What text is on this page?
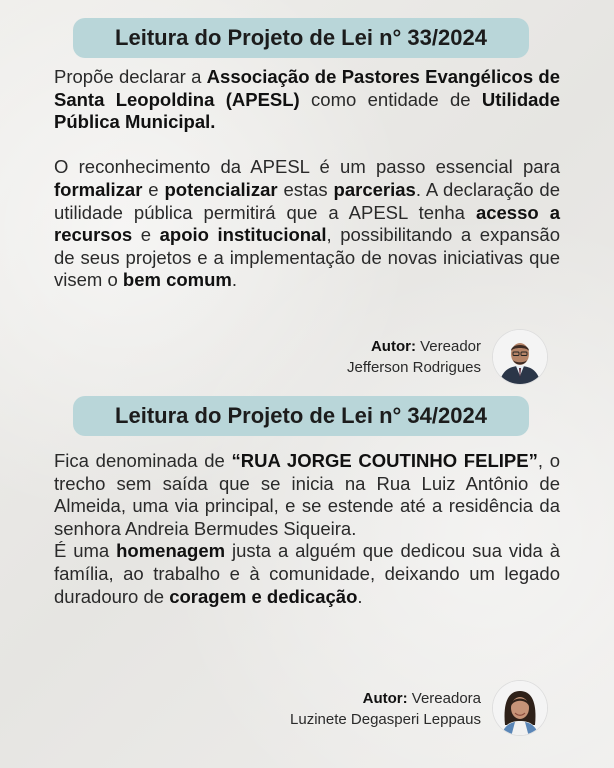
Leitura do Projeto de Lei n° 33/2024

Propõe declarar a Associação de Pastores Evangélicos de Santa Leopoldina (APESL) como entidade de Utilidade Pública Municipal.

O reconhecimento da APESL é um passo essencial para formalizar e potencializar estas parcerias. A declaração de utilidade pública permitirá que a APESL tenha acesso a recursos e apoio institucional, possibilitando a expansão de seus projetos e a implementação de novas iniciativas que visem o bem comum.

Autor: Vereador
Jefferson Rodrigues
Leitura do Projeto de Lei n° 34/2024

Fica denominada de “RUA JORGE COUTINHO FELIPE”, o trecho sem saída que se inicia na Rua Luiz Antônio de Almeida, uma via principal, e se estende até a residência da senhora Andreia Bermudes Siqueira.

É uma homenagem justa a alguém que dedicou sua vida à família, ao trabalho e à comunidade, deixando um legado duradouro de coragem e dedicação.

Autor: Vereadora
Luzinete Degasperi Leppaus
